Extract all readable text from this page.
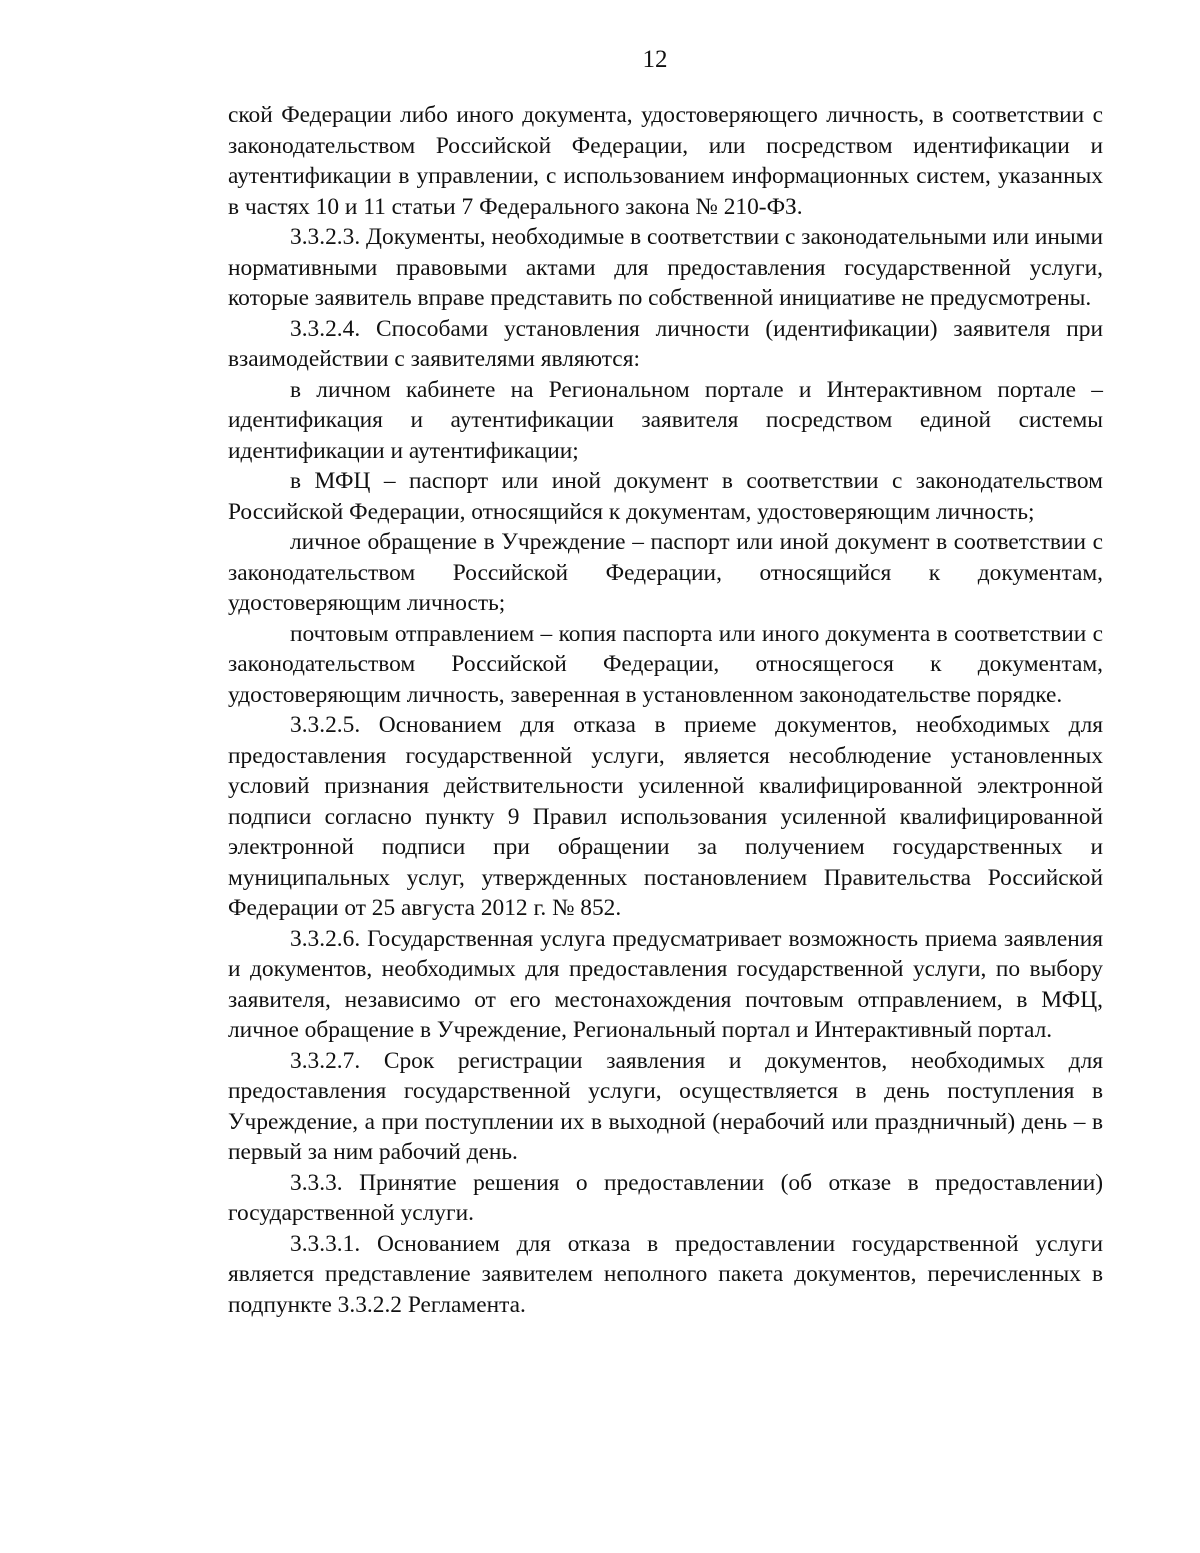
12

ской Федерации либо иного документа, удостоверяющего личность, в соответствии с законодательством Российской Федерации, или посредством идентификации и аутентификации в управлении, с использованием информационных систем, указанных в частях 10 и 11 статьи 7 Федерального закона № 210-ФЗ.

3.3.2.3. Документы, необходимые в соответствии с законодательными или иными нормативными правовыми актами для предоставления государственной услуги, которые заявитель вправе представить по собственной инициативе не предусмотрены.

3.3.2.4. Способами установления личности (идентификации) заявителя при взаимодействии с заявителями являются:

в личном кабинете на Региональном портале и Интерактивном портале – идентификация и аутентификации заявителя посредством единой системы идентификации и аутентификации;

в МФЦ – паспорт или иной документ в соответствии с законодательством Российской Федерации, относящийся к документам, удостоверяющим личность;

личное обращение в Учреждение – паспорт или иной документ в соответствии с законодательством Российской Федерации, относящийся к документам, удостоверяющим личность;

почтовым отправлением – копия паспорта или иного документа в соответствии с законодательством Российской Федерации, относящегося к документам, удостоверяющим личность, заверенная в установленном законодательстве порядке.

3.3.2.5. Основанием для отказа в приеме документов, необходимых для предоставления государственной услуги, является несоблюдение установленных условий признания действительности усиленной квалифицированной электронной подписи согласно пункту 9 Правил использования усиленной квалифицированной электронной подписи при обращении за получением государственных и муниципальных услуг, утвержденных постановлением Правительства Российской Федерации от 25 августа 2012 г. № 852.

3.3.2.6. Государственная услуга предусматривает возможность приема заявления и документов, необходимых для предоставления государственной услуги, по выбору заявителя, независимо от его местонахождения почтовым отправлением, в МФЦ, личное обращение в Учреждение, Региональный портал и Интерактивный портал.

3.3.2.7. Срок регистрации заявления и документов, необходимых для предоставления государственной услуги, осуществляется в день поступления в Учреждение, а при поступлении их в выходной (нерабочий или праздничный) день – в первый за ним рабочий день.

3.3.3. Принятие решения о предоставлении (об отказе в предоставлении) государственной услуги.

3.3.3.1. Основанием для отказа в предоставлении государственной услуги является представление заявителем неполного пакета документов, перечисленных в подпункте 3.3.2.2 Регламента.
